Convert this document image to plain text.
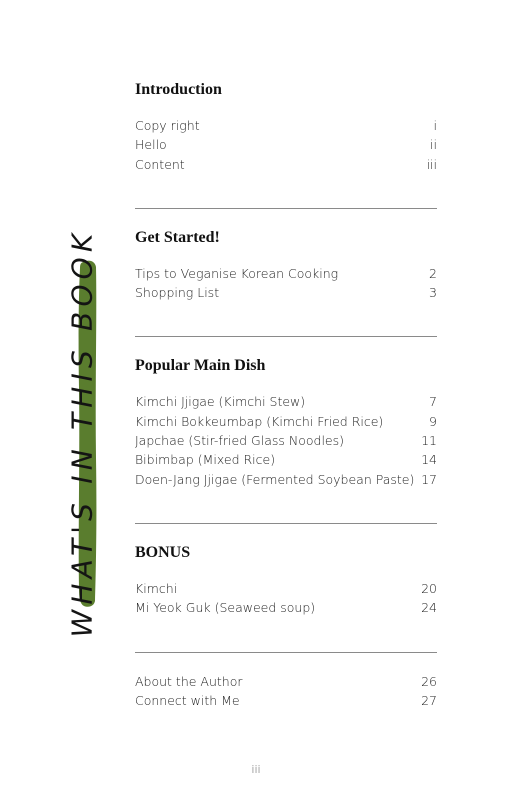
WHAT'S IN THIS BOOK
Introduction
Copy right	i
Hello	ii
Content	iii
Get Started!
Tips to Veganise Korean Cooking	2
Shopping List	3
Popular Main Dish
Kimchi Jjigae (Kimchi Stew)	7
Kimchi Bokkeumbap (Kimchi Fried Rice)	9
Japchae (Stir-fried Glass Noodles)	11
Bibimbap (Mixed Rice)	14
Doen-Jang Jjigae (Fermented Soybean Paste) 17
BONUS
Kimchi	20
Mi Yeok Guk (Seaweed soup)	24
About the Author	26
Connect with Me	27
iii
